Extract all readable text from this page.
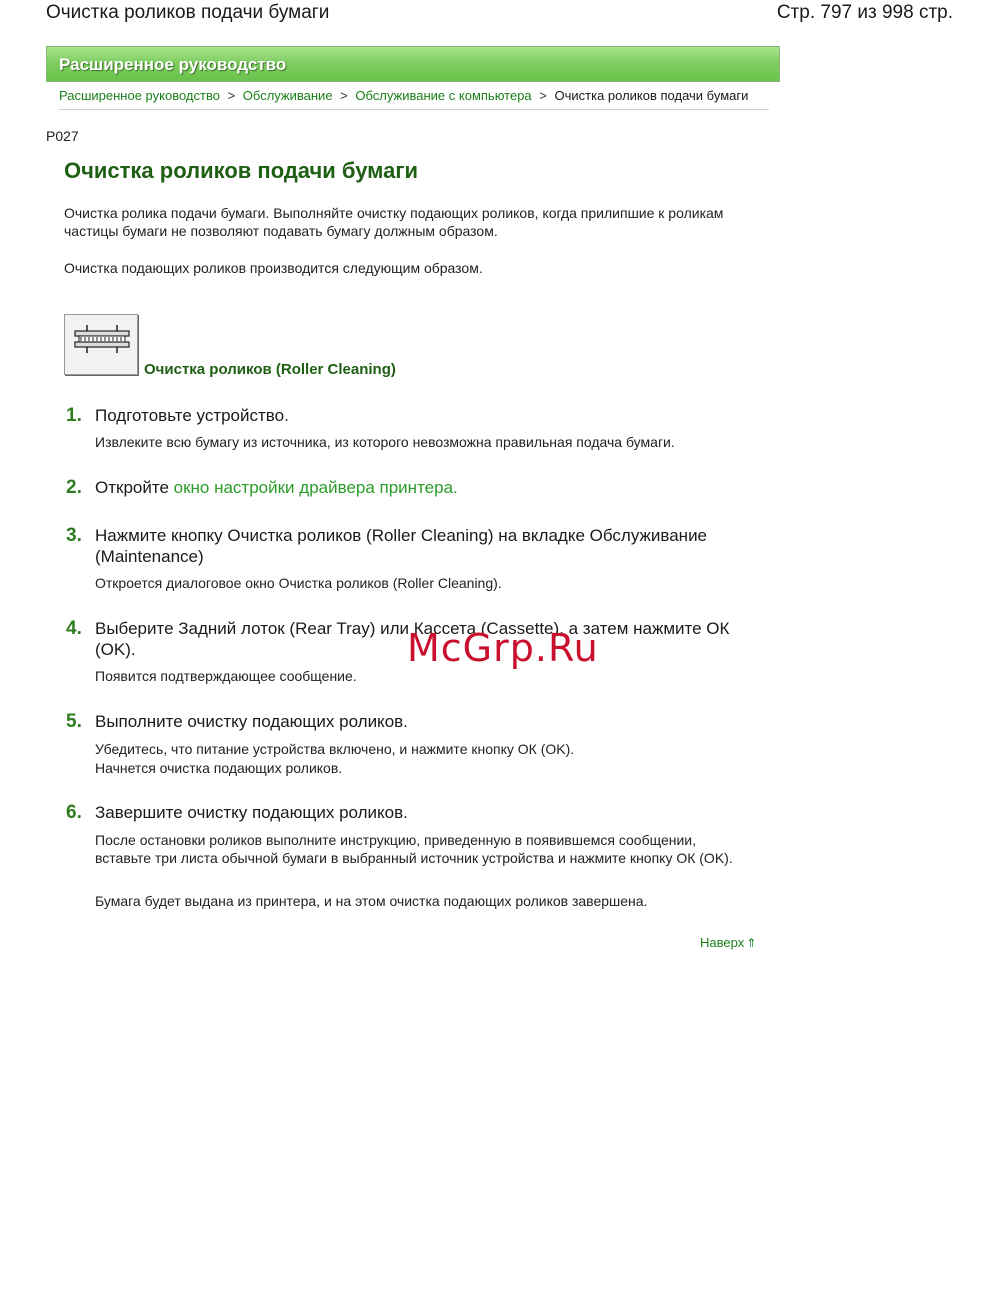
Очистка роликов подачи бумаги	Стр. 797 из 998 стр.
Расширенное руководство
Расширенное руководство > Обслуживание > Обслуживание с компьютера > Очистка роликов подачи бумаги
P027
Очистка роликов подачи бумаги

Очистка ролика подачи бумаги. Выполняйте очистку подающих роликов, когда прилипшие к роликам частицы бумаги не позволяют подавать бумагу должным образом.

Очистка подающих роликов производится следующим образом.

Очистка роликов (Roller Cleaning)
1. Подготовьте устройство.
Извлеките всю бумагу из источника, из которого невозможна правильная подача бумаги.
2. Откройте окно настройки драйвера принтера.
3. Нажмите кнопку Очистка роликов (Roller Cleaning) на вкладке Обслуживание (Maintenance)
Откроется диалоговое окно Очистка роликов (Roller Cleaning).
4. Выберите Задний лоток (Rear Tray) или Кассета (Cassette), а затем нажмите ОК (OK).
Появится подтверждающее сообщение.
5. Выполните очистку подающих роликов.
Убедитесь, что питание устройства включено, и нажмите кнопку ОК (OK).
Начнется очистка подающих роликов.
6. Завершите очистку подающих роликов.
После остановки роликов выполните инструкцию, приведенную в появившемся сообщении, вставьте три листа обычной бумаги в выбранный источник устройства и нажмите кнопку ОК (OK).
Бумага будет выдана из принтера, и на этом очистка подающих роликов завершена.
Наверх ⇑
McGrp.Ru
